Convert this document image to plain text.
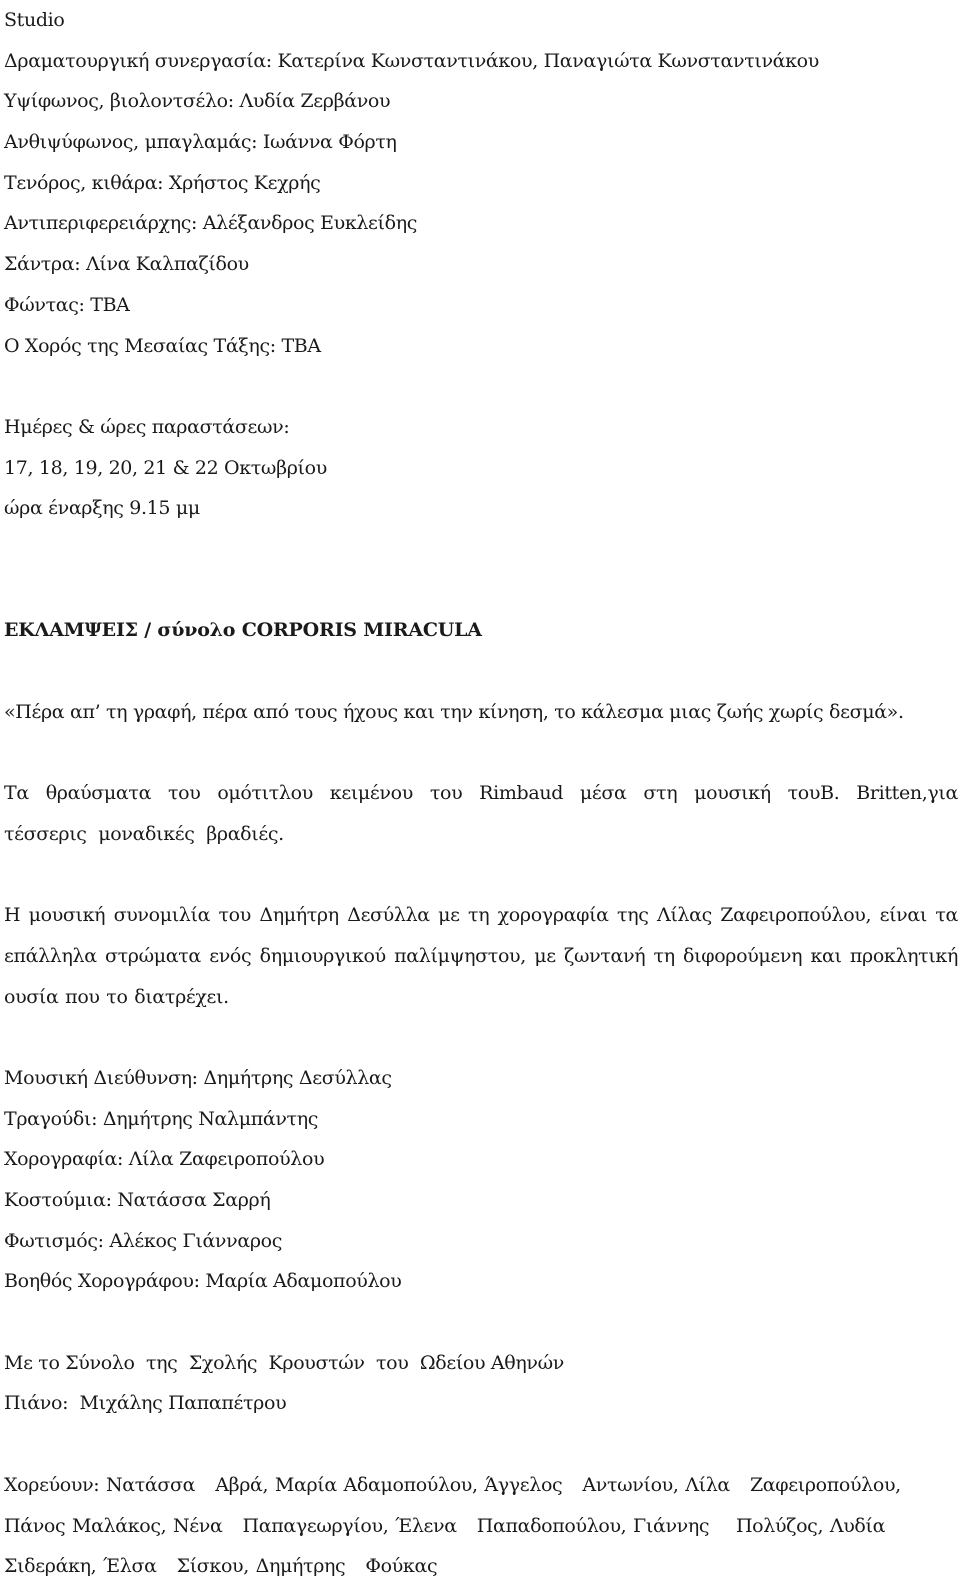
Studio
Δραματουργική συνεργασία: Κατερίνα Κωνσταντινάκου, Παναγιώτα Κωνσταντινάκου
Υψίφωνος, βιολοντσέλο: Λυδία Ζερβάνου
Ανθιψύφωνος, μπαγλαμάς: Ιωάννα Φόρτη
Τενόρος, κιθάρα: Χρήστος Κεχρής
Αντιπεριφερειάρχης: Αλέξανδρος Ευκλείδης
Σάντρα: Λίνα Καλπαζίδου
Φώντας: TBA
Ο Χορός της Μεσαίας Τάξης: TBA
Ημέρες & ώρες παραστάσεων:
17, 18, 19, 20, 21 & 22 Οκτωβρίου
ώρα έναρξης 9.15 μμ
ΕΚΛΑΜΨΕΙΣ / σύνολο CORPORIS MIRACULA
«Πέρα απ’ τη γραφή, πέρα από τους ήχους και την κίνηση, το κάλεσμα μιας ζωής χωρίς δεσμά».
Τα θραύσματα του ομότιτλου κειμένου του Rimbaud μέσα στη μουσική τουB. Britten,για τέσσερις μοναδικές βραδιές.
Η μουσική συνομιλία του Δημήτρη Δεσύλλα με τη χορογραφία της Λίλας Ζαφειροπούλου, είναι τα επάλληλα στρώματα ενός δημιουργικού παλίμψηστου, με ζωντανή τη διφορούμενη και προκλητική ουσία που το διατρέχει.
Μουσική Διεύθυνση: Δημήτρης Δεσύλλας
Τραγούδι: Δημήτρης Ναλμπάντης
Χορογραφία: Λίλα Ζαφειροπούλου
Κοστούμια: Νατάσσα Σαρρή
Φωτισμός: Αλέκος Γιάνναρος
Βοηθός Χορογράφου: Μαρία Αδαμοπούλου
Με το Σύνολο  της  Σχολής  Κρουστών  του  Ωδείου Αθηνών
Πιάνο:  Μιχάλης Παπαπέτρου
Χορεύουν: Νατάσσα   Αβρά, Μαρία Αδαμοπούλου, Άγγελος   Αντωνίου, Λίλα   Ζαφειροπούλου, Πάνος Μαλάκος, Νένα   Παπαγεωργίου, Έλενα   Παπαδοπούλου, Γιάννης    Πολύζος, Λυδία Σιδεράκη, Έλσα   Σίσκου, Δημήτρης   Φούκας
